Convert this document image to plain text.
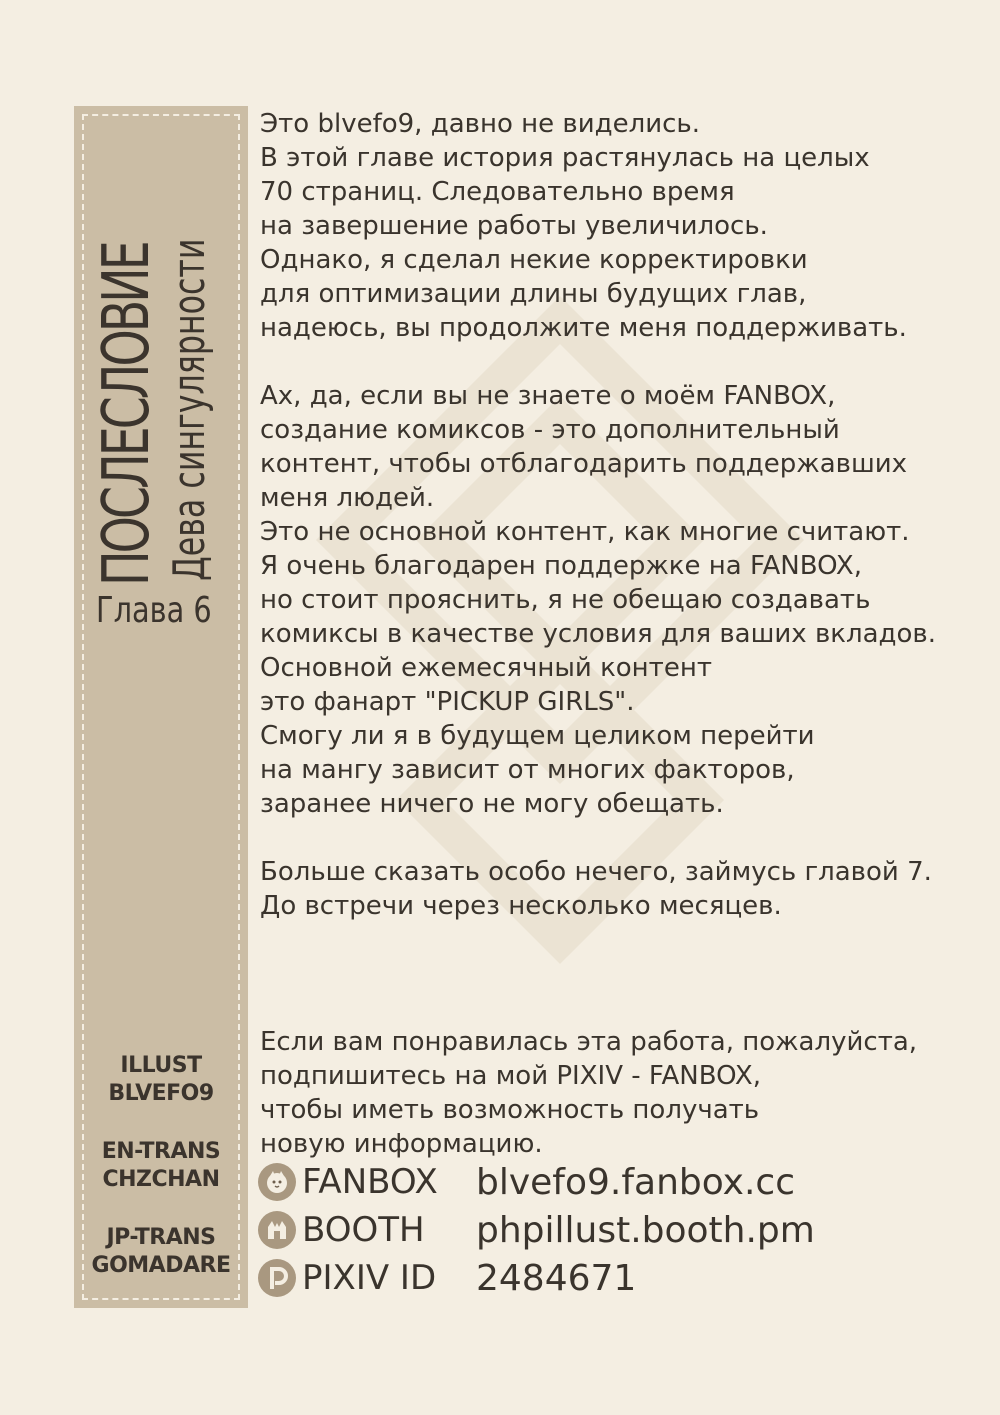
ПОСЛЕСЛОВИЕ Дева сингулярности
Глава 6
ILLUST
BLVEFO9
EN-TRANS
CHZCHAN
JP-TRANS
GOMADARE
Это blvefo9, давно не виделись.
В этой главе история растянулась на целых
70 страниц. Следовательно время
на завершение работы увеличилось.
Однако, я сделал некие корректировки
для оптимизации длины будущих глав,
надеюсь, вы продолжите меня поддерживать.
Ах, да, если вы не знаете о моём FANBOX,
создание комиксов - это дополнительный
контент, чтобы отблагодарить поддержавших
меня людей.
Это не основной контент, как многие считают.
Я очень благодарен поддержке на FANBOX,
но стоит прояснить, я не обещаю создавать
комиксы в качестве условия для ваших вкладов.
Основной ежемесячный контент
это фанарт "PICKUP GIRLS".
Смогу ли я в будущем целиком перейти
на мангу зависит от многих факторов,
заранее ничего не могу обещать.
Больше сказать особо нечего, займусь главой 7.
До встречи через несколько месяцев.
Если вам понравилась эта работа, пожалуйста,
подпишитесь на мой PIXIV - FANBOX,
чтобы иметь возможность получать
новую информацию.
FANBOX	blvefo9.fanbox.cc
BOOTH	phpillust.booth.pm
PIXIV ID	2484671
